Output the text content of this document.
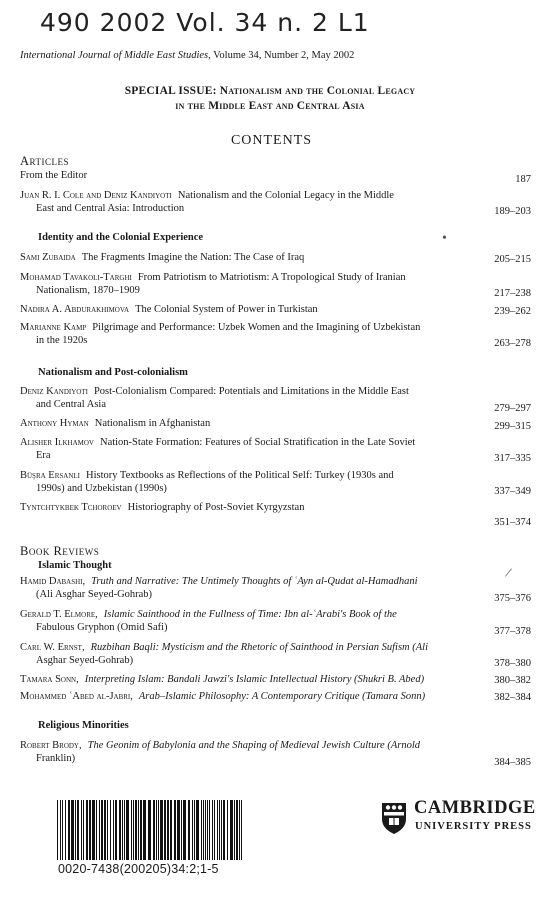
490 2002 Vol. 34 n. 2 L1
International Journal of Middle East Studies, Volume 34, Number 2, May 2002
SPECIAL ISSUE: Nationalism and the Colonial Legacy
in the Middle East and Central Asia
CONTENTS
Articles
From the Editor	187
Juan R. I. Cole and Deniz Kandiyoti Nationalism and the Colonial Legacy in the Middle
East and Central Asia: Introduction	189–203
Identity and the Colonial Experience	•
Sami Zubaida The Fragments Imagine the Nation: The Case of Iraq	205–215
Mohamad Tavakoli-Targhi From Patriotism to Matriotism: A Tropological Study of Iranian
Nationalism, 1870–1909	217–238
Nadira A. Abdurakhimova The Colonial System of Power in Turkistan	239–262
Marianne Kamp Pilgrimage and Performance: Uzbek Women and the Imagining of Uzbekistan
in the 1920s	263–278
Nationalism and Post-colonialism
Deniz Kandiyoti Post-Colonialism Compared: Potentials and Limitations in the Middle East
and Central Asia	279–297
Anthony Hyman Nationalism in Afghanistan	299–315
Alisher Ilkhamov Nation-State Formation: Features of Social Stratification in the Late Soviet
Era	317–335
Büşra Ersanli History Textbooks as Reflections of the Political Self: Turkey (1930s and
1990s) and Uzbekistan (1990s)	337–349
Tyntchtykbek Tchoroev Historiography of Post-Soviet Kyrgyzstan
351–374
Book Reviews
Islamic Thought
/
Hamid Dabashi, Truth and Narrative: The Untimely Thoughts of ʿAyn al-Qudat al-Hamadhani
(Ali Asghar Seyed-Gohrab)	375–376
Gerald T. Elmore, Islamic Sainthood in the Fullness of Time: Ibn al-ʿArabi's Book of the
Fabulous Gryphon (Omid Safi)	377–378
Carl W. Ernst, Ruzbihan Baqli: Mysticism and the Rhetoric of Sainthood in Persian Sufism (Ali
Asghar Seyed-Gohrab)	378–380
Tamara Sonn, Interpreting Islam: Bandali Jawzi's Islamic Intellectual History (Shukri B. Abed)	380–382
Mohammed ʿAbed al-Jabri, Arab–Islamic Philosophy: A Contemporary Critique (Tamara Sonn)	382–384
Religious Minorities
Robert Brody, The Geonim of Babylonia and the Shaping of Medieval Jewish Culture (Arnold
Franklin)	384–385
0020-7438(200205)34:2;1-5
CAMBRIDGE
UNIVERSITY PRESS
